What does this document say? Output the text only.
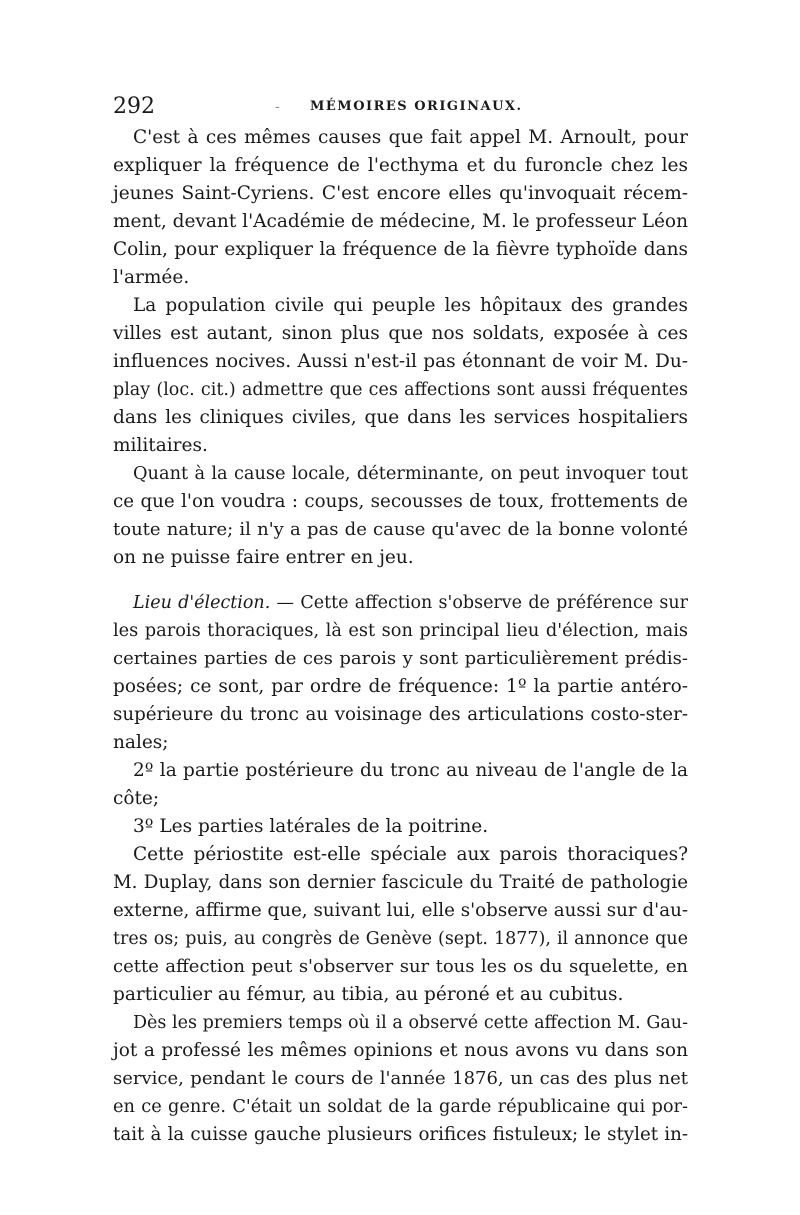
292	- MÉMOIRES ORIGINAUX.
C'est à ces mêmes causes que fait appel M. Arnoult, pour
expliquer la fréquence de l'ecthyma et du furoncle chez les
jeunes Saint-Cyriens. C'est encore elles qu'invoquait récem-
ment, devant l'Académie de médecine, M. le professeur Léon
Colin, pour expliquer la fréquence de la fièvre typhoïde dans
l'armée.
La population civile qui peuple les hôpitaux des grandes
villes est autant, sinon plus que nos soldats, exposée à ces
influences nocives. Aussi n'est-il pas étonnant de voir M. Du-
play (loc. cit.) admettre que ces affections sont aussi fréquentes
dans les cliniques civiles, que dans les services hospitaliers
militaires.
Quant à la cause locale, déterminante, on peut invoquer tout
ce que l'on voudra : coups, secousses de toux, frottements de
toute nature; il n'y a pas de cause qu'avec de la bonne volonté
on ne puisse faire entrer en jeu.
Lieu d'élection. — Cette affection s'observe de préférence sur
les parois thoraciques, là est son principal lieu d'élection, mais
certaines parties de ces parois y sont particulièrement prédis-
posées; ce sont, par ordre de fréquence: 1º la partie antéro-
supérieure du tronc au voisinage des articulations costo-ster-
nales;
2º la partie postérieure du tronc au niveau de l'angle de la
côte;
3º Les parties latérales de la poitrine.
Cette périostite est-elle spéciale aux parois thoraciques?
M. Duplay, dans son dernier fascicule du Traité de pathologie
externe, affirme que, suivant lui, elle s'observe aussi sur d'au-
tres os; puis, au congrès de Genève (sept. 1877), il annonce que
cette affection peut s'observer sur tous les os du squelette, en
particulier au fémur, au tibia, au péroné et au cubitus.
Dès les premiers temps où il a observé cette affection M. Gau-
jot a professé les mêmes opinions et nous avons vu dans son
service, pendant le cours de l'année 1876, un cas des plus net
en ce genre. C'était un soldat de la garde républicaine qui por-
tait à la cuisse gauche plusieurs orifices fistuleux; le stylet in-
